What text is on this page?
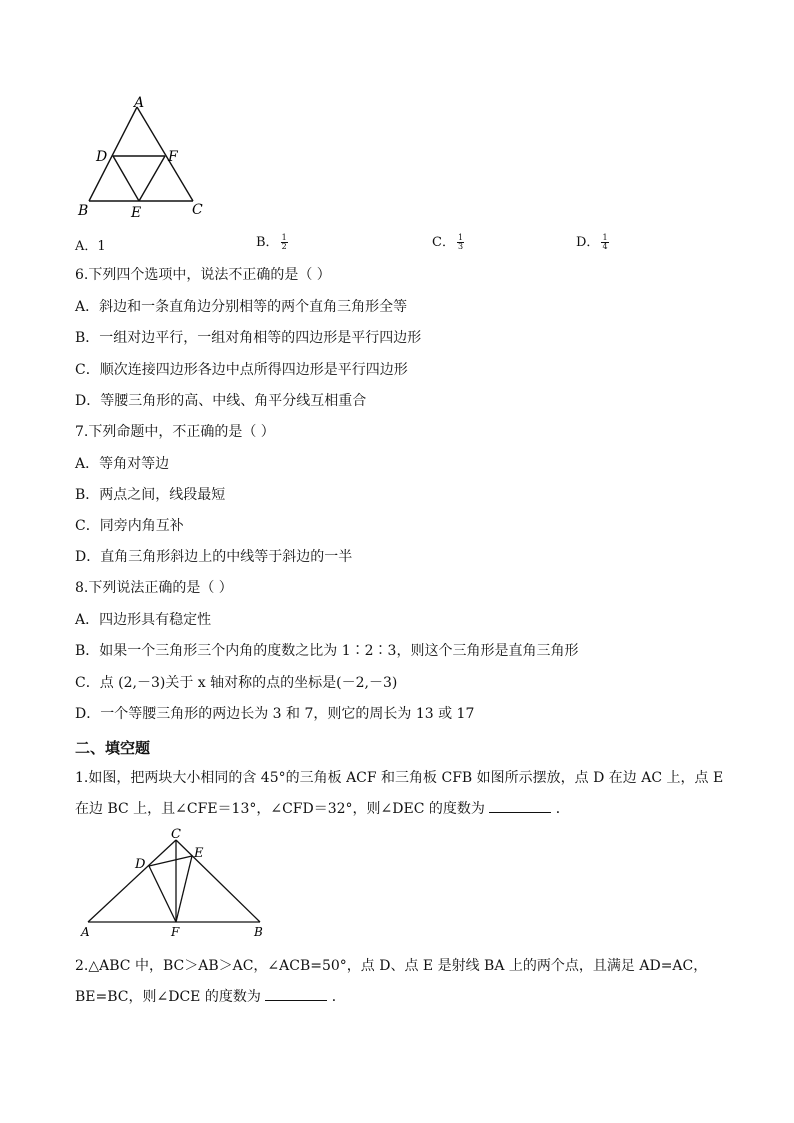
A
D	F
B	E	C
A．1	B． $\frac{1}{2}$	C． $\frac{1}{3}$	D． $\frac{1}{4}$
6.下列四个选项中，说法不正确的是（ ）
A．斜边和一条直角边分别相等的两个直角三角形全等
B．一组对边平行，一组对角相等的四边形是平行四边形
C．顺次连接四边形各边中点所得四边形是平行四边形
D．等腰三角形的高、中线、角平分线互相重合
7.下列命题中，不正确的是（ ）
A．等角对等边
B．两点之间，线段最短
C．同旁内角互补
D．直角三角形斜边上的中线等于斜边的一半
8.下列说法正确的是（ ）
A．四边形具有稳定性
B．如果一个三角形三个内角的度数之比为 1∶2∶3，则这个三角形是直角三角形
C．点 (2,－3)关于 x 轴对称的点的坐标是(－2,－3)
D．一个等腰三角形的两边长为 3 和 7，则它的周长为 13 或 17
二、填空题
1.如图，把两块大小相同的含 45°的三角板 ACF 和三角板 CFB 如图所示摆放，点 D 在边 AC 上，点 E
在边 BC 上，且∠CFE＝13°，∠CFD＝32°，则∠DEC 的度数为	．
C
D
E
A	F	B
2.△ABC 中，BC＞AB＞AC，∠ACB=50°，点 D、点 E 是射线 BA 上的两个点，且满足 AD=AC，
BE=BC，则∠DCE 的度数为	．
